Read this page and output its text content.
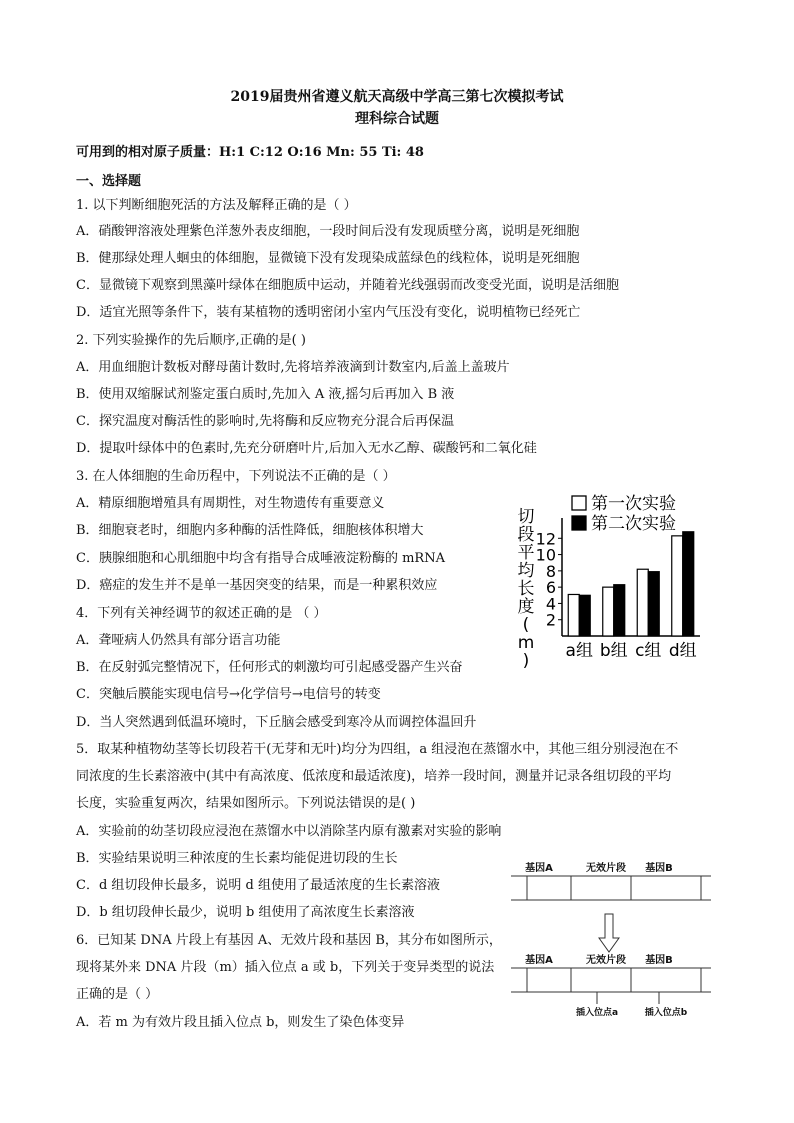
2019届贵州省遵义航天高级中学高三第七次模拟考试
理科综合试题
可用到的相对原子质量：H:1 C:12 O:16 Mn: 55 Ti: 48
一、选择题
1. 以下判断细胞死活的方法及解释正确的是（ ）
A．硝酸钾溶液处理紫色洋葱外表皮细胞，一段时间后没有发现质壁分离，说明是死细胞
B．健那绿处理人蛔虫的体细胞，显微镜下没有发现染成蓝绿色的线粒体，说明是死细胞
C．显微镜下观察到黑藻叶绿体在细胞质中运动，并随着光线强弱而改变受光面，说明是活细胞
D．适宜光照等条件下，装有某植物的透明密闭小室内气压没有变化，说明植物已经死亡
2. 下列实验操作的先后顺序,正确的是( )
A．用血细胞计数板对酵母菌计数时,先将培养液滴到计数室内,后盖上盖玻片
B．使用双缩脲试剂鉴定蛋白质时,先加入 A 液,摇匀后再加入 B 液
C．探究温度对酶活性的影响时,先将酶和反应物充分混合后再保温
D．提取叶绿体中的色素时,先充分研磨叶片,后加入无水乙醇、碳酸钙和二氧化硅
3. 在人体细胞的生命历程中，下列说法不正确的是（ ）
A．精原细胞增殖具有周期性，对生物遗传有重要意义
B．细胞衰老时，细胞内多种酶的活性降低，细胞核体积增大
C．胰腺细胞和心肌细胞中均含有指导合成唾液淀粉酶的 mRNA
D．癌症的发生并不是单一基因突变的结果，而是一种累积效应
4．下列有关神经调节的叙述正确的是 （ ）
A．聋哑病人仍然具有部分语言功能
B．在反射弧完整情况下，任何形式的刺激均可引起感受器产生兴奋
C．突触后膜能实现电信号→化学信号→电信号的转变
D．当人突然遇到低温环境时，下丘脑会感受到寒冷从而调控体温回升
5．取某种植物幼茎等长切段若干(无芽和无叶)均分为四组，a 组浸泡在蒸馏水中，其他三组分别浸泡在不
同浓度的生长素溶液中(其中有高浓度、低浓度和最适浓度)，培养一段时间，测量并记录各组切段的平均
长度，实验重复两次，结果如图所示。下列说法错误的是( )
A．实验前的幼茎切段应浸泡在蒸馏水中以消除茎内原有激素对实验的影响
B．实验结果说明三种浓度的生长素均能促进切段的生长
C．d 组切段伸长最多，说明 d 组使用了最适浓度的生长素溶液
D．b 组切段伸长最少，说明 b 组使用了高浓度生长素溶液
6．已知某 DNA 片段上有基因 A、无效片段和基因 B，其分布如图所示，
现将某外来 DNA 片段（m）插入位点 a 或 b，下列关于变异类型的说法
正确的是（ ）
A．若 m 为有效片段且插入位点 b，则发生了染色体变异
第一次实验
第二次实验
切
段
平
均
长
度
(
m
)
2
4
6
8
10
12
a组 b组 c组 d组
基因A	无效片段 基因B
基因A	无效片段 基因B
插入位点a	插入位点b
